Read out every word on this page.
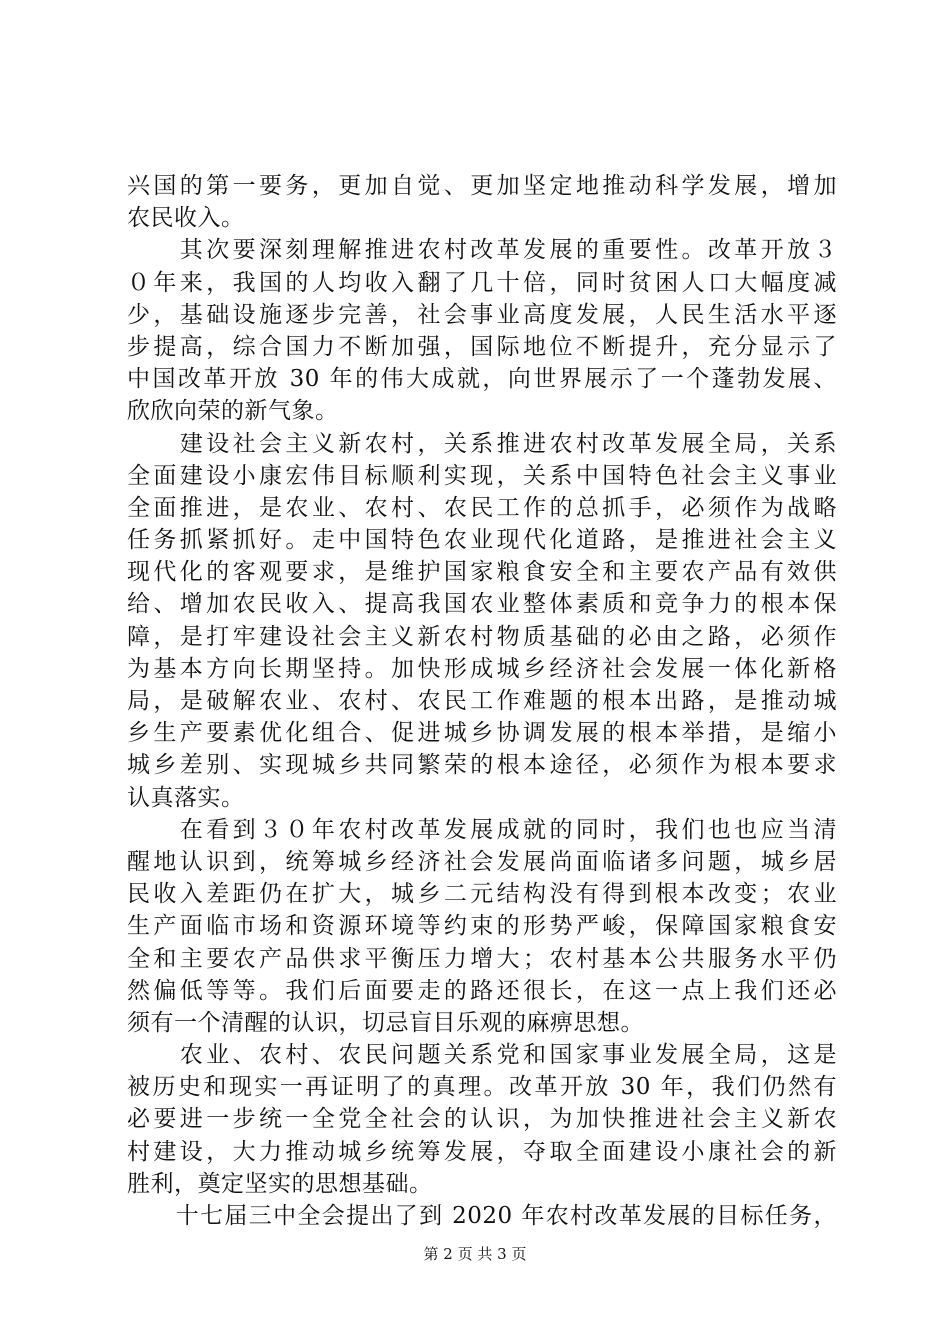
兴国的第一要务，更加自觉、更加坚定地推动科学发展，增加
农民收入。
　　其次要深刻理解推进农村改革发展的重要性。改革开放３
０年来，我国的人均收入翻了几十倍，同时贫困人口大幅度减
少，基础设施逐步完善，社会事业高度发展，人民生活水平逐
步提高，综合国力不断加强，国际地位不断提升，充分显示了
中国改革开放 30 年的伟大成就，向世界展示了一个蓬勃发展、
欣欣向荣的新气象。
　　建设社会主义新农村，关系推进农村改革发展全局，关系
全面建设小康宏伟目标顺利实现，关系中国特色社会主义事业
全面推进，是农业、农村、农民工作的总抓手，必须作为战略
任务抓紧抓好。走中国特色农业现代化道路，是推进社会主义
现代化的客观要求，是维护国家粮食安全和主要农产品有效供
给、增加农民收入、提高我国农业整体素质和竞争力的根本保
障，是打牢建设社会主义新农村物质基础的必由之路，必须作
为基本方向长期坚持。加快形成城乡经济社会发展一体化新格
局，是破解农业、农村、农民工作难题的根本出路，是推动城
乡生产要素优化组合、促进城乡协调发展的根本举措，是缩小
城乡差别、实现城乡共同繁荣的根本途径，必须作为根本要求
认真落实。
　　在看到３０年农村改革发展成就的同时，我们也也应当清
醒地认识到，统筹城乡经济社会发展尚面临诸多问题，城乡居
民收入差距仍在扩大，城乡二元结构没有得到根本改变；农业
生产面临市场和资源环境等约束的形势严峻，保障国家粮食安
全和主要农产品供求平衡压力增大；农村基本公共服务水平仍
然偏低等等。我们后面要走的路还很长，在这一点上我们还必
须有一个清醒的认识，切忌盲目乐观的麻痹思想。
　　农业、农村、农民问题关系党和国家事业发展全局，这是
被历史和现实一再证明了的真理。改革开放 30 年，我们仍然有
必要进一步统一全党全社会的认识，为加快推进社会主义新农
村建设，大力推动城乡统筹发展，夺取全面建设小康社会的新
胜利，奠定坚实的思想基础。
　　十七届三中全会提出了到 2020 年农村改革发展的目标任务，
第 2 页 共 3 页
